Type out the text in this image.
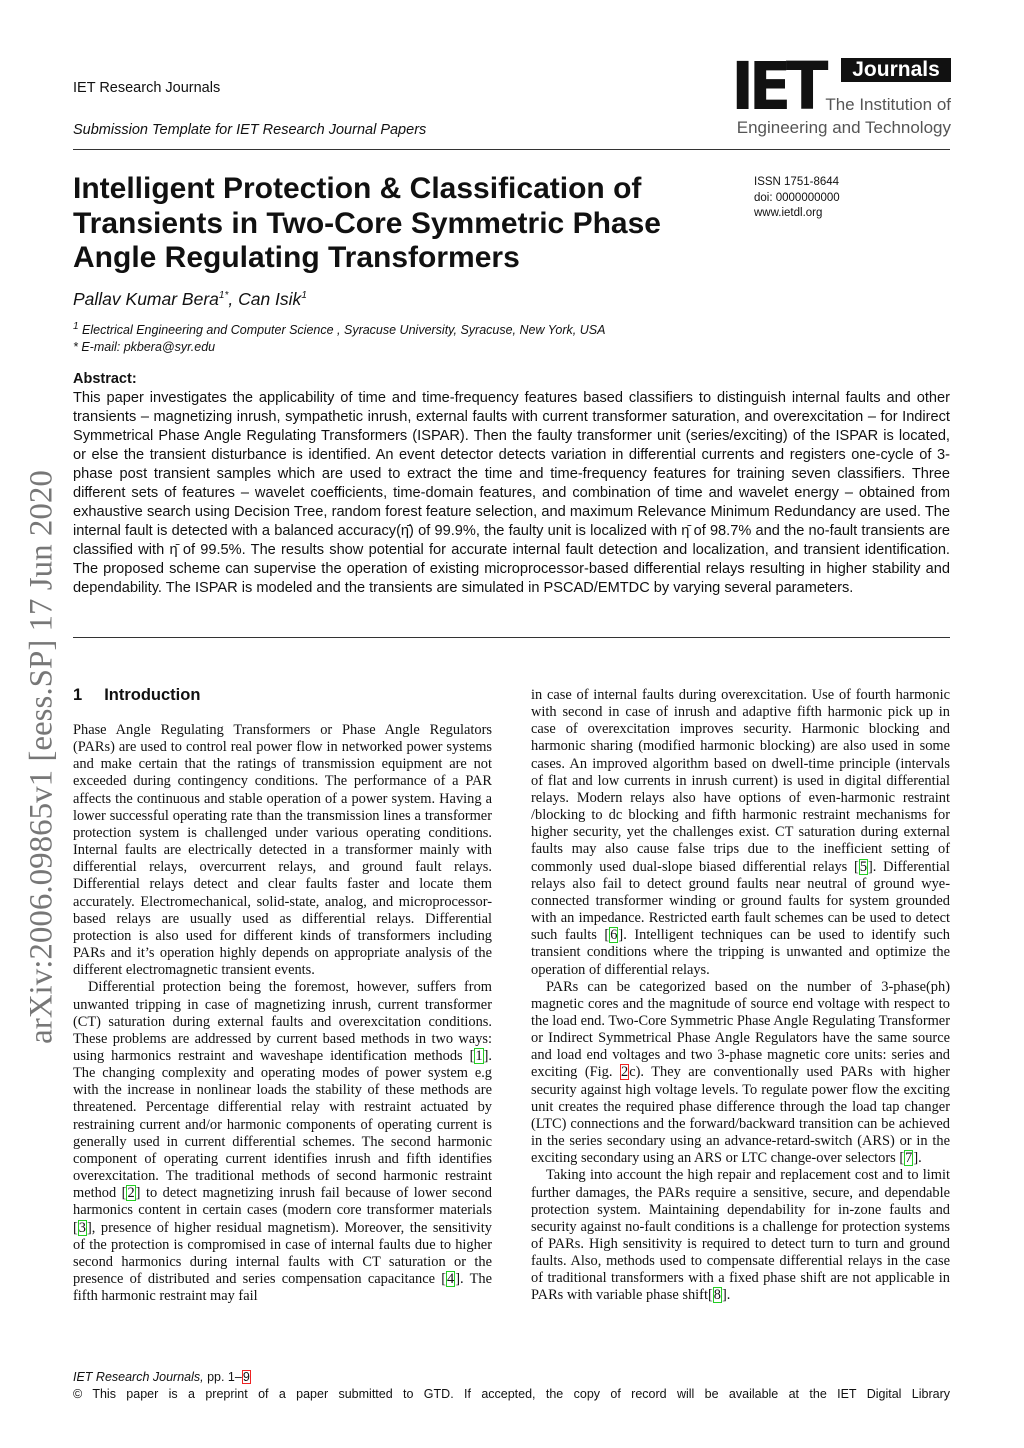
IET Research Journals
Submission Template for IET Research Journal Papers
IET	Journals
The Institution of
Engineering and Technology
ISSN 1751-8644
doi: 0000000000
www.ietdl.org
Intelligent Protection & Classification of Transients in Two-Core Symmetric Phase Angle Regulating Transformers
Pallav Kumar Bera$^{1*}$, Can Isik$^1$
$^1$ Electrical Engineering and Computer Science , Syracuse University, Syracuse, New York, USA
* E-mail: pkbera@syr.edu
Abstract:
This paper investigates the applicability of time and time-frequency features based classifiers to distinguish internal faults and other transients – magnetizing inrush, sympathetic inrush, external faults with current transformer saturation, and overexcitation – for Indirect Symmetrical Phase Angle Regulating Transformers (ISPAR). Then the faulty transformer unit (series/exciting) of the ISPAR is located, or else the transient disturbance is identified. An event detector detects variation in differential currents and registers one-cycle of 3-phase post transient samples which are used to extract the time and time-frequency features for training seven classifiers. Three different sets of features – wavelet coefficients, time-domain features, and combination of time and wavelet energy – obtained from exhaustive search using Decision Tree, random forest feature selection, and maximum Relevance Minimum Redundancy are used. The internal fault is detected with a balanced accuracy(η̄) of 99.9%, the faulty unit is localized with η̄ of 98.7% and the no-fault transients are classified with η̄ of 99.5%. The results show potential for accurate internal fault detection and localization, and transient identification. The proposed scheme can supervise the operation of existing microprocessor-based differential relays resulting in higher stability and dependability. The ISPAR is modeled and the transients are simulated in PSCAD/EMTDC by varying several parameters.
arXiv:2006.09865v1 [eess.SP] 17 Jun 2020 1 Introduction

Phase Angle Regulating Transformers or Phase Angle Regulators (PARs) are used to control real power flow in networked power systems and make certain that the ratings of transmission equipment are not exceeded during contingency conditions. The performance of a PAR affects the continuous and stable operation of a power system. Having a lower successful operating rate than the transmission lines a transformer protection system is challenged under various operating conditions. Internal faults are electrically detected in a transformer mainly with differential relays, overcurrent relays, and ground fault relays. Differential relays detect and clear faults faster and locate them accurately. Electromechanical, solid-state, analog, and microprocessor-based relays are usually used as differential relays. Differential protection is also used for different kinds of transformers including PARs and it’s operation highly depends on appropriate analysis of the different electromagnetic transient events.

Differential protection being the foremost, however, suffers from unwanted tripping in case of magnetizing inrush, current transformer (CT) saturation during external faults and overexcitation conditions. These problems are addressed by current based methods in two ways: using harmonics restraint and waveshape identification methods [1]. The changing complexity and operating modes of power system e.g with the increase in nonlinear loads the stability of these methods are threatened. Percentage differential relay with restraint actuated by restraining current and/or harmonic components of operating current is generally used in current differential schemes. The second harmonic component of operating current identifies inrush and fifth identifies overexcitation. The traditional methods of second harmonic restraint method [2] to detect magnetizing inrush fail because of lower second harmonics content in certain cases (modern core transformer materials [3], presence of higher residual magnetism). Moreover, the sensitivity of the protection is compromised in case of internal faults due to higher second harmonics during internal faults with CT saturation or the presence of distributed and series compensation capacitance [4]. The fifth harmonic restraint may fail

in case of internal faults during overexcitation. Use of fourth harmonic with second in case of inrush and adaptive fifth harmonic pick up in case of overexcitation improves security. Harmonic blocking and harmonic sharing (modified harmonic blocking) are also used in some cases. An improved algorithm based on dwell-time principle (intervals of flat and low currents in inrush current) is used in digital differential relays. Modern relays also have options of even-harmonic restraint /blocking to dc blocking and fifth harmonic restraint mechanisms for higher security, yet the challenges exist. CT saturation during external faults may also cause false trips due to the inefficient setting of commonly used dual-slope biased differential relays [5]. Differential relays also fail to detect ground faults near neutral of ground wye-connected transformer winding or ground faults for system grounded with an impedance. Restricted earth fault schemes can be used to detect such faults [6]. Intelligent techniques can be used to identify such transient conditions where the tripping is unwanted and optimize the operation of differential relays.

PARs can be categorized based on the number of 3-phase(ph) magnetic cores and the magnitude of source end voltage with respect to the load end. Two-Core Symmetric Phase Angle Regulating Transformer or Indirect Symmetrical Phase Angle Regulators have the same source and load end voltages and two 3-phase magnetic core units: series and exciting (Fig. 2c). They are conventionally used PARs with higher security against high voltage levels. To regulate power flow the exciting unit creates the required phase difference through the load tap changer (LTC) connections and the forward/backward transition can be achieved in the series secondary using an advance-retard-switch (ARS) or in the exciting secondary using an ARS or LTC change-over selectors [7].

Taking into account the high repair and replacement cost and to limit further damages, the PARs require a sensitive, secure, and dependable protection system. Maintaining dependability for in-zone faults and security against no-fault conditions is a challenge for protection systems of PARs. High sensitivity is required to detect turn to turn and ground faults. Also, methods used to compensate differential relays in the case of traditional transformers with a fixed phase shift are not applicable in PARs with variable phase shift[8].

IET Research Journals, pp. 1–9
© This paper is a preprint of a paper submitted to GTD. If accepted, the copy of record will be available at the IET Digital Library
